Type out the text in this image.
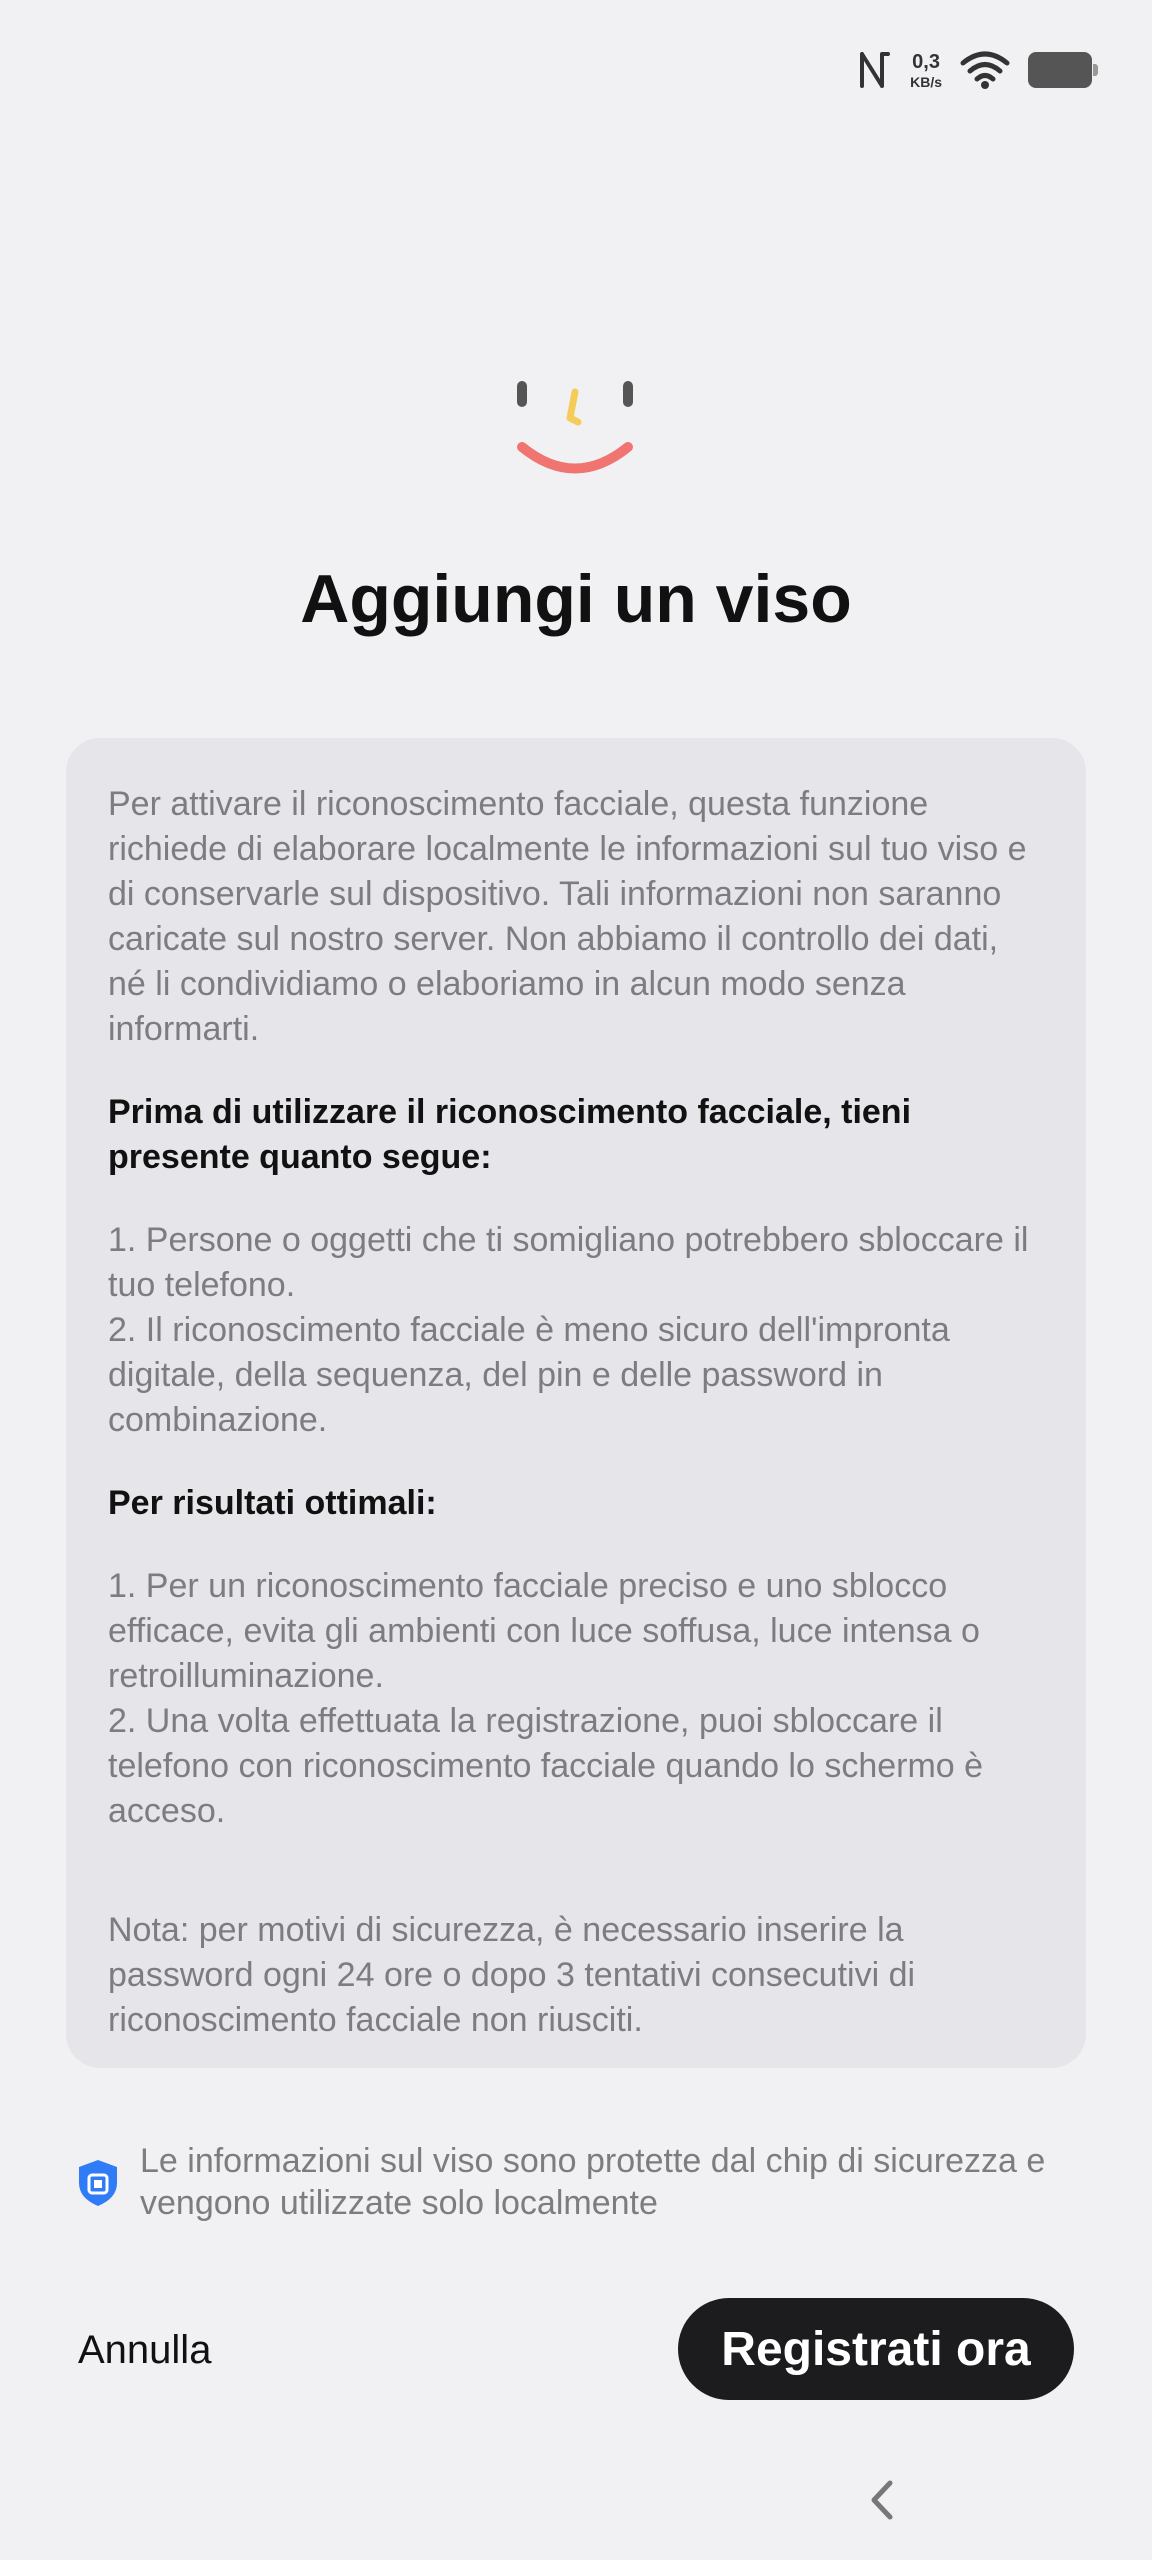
0,3
KB/s
Aggiungi un viso

Per attivare il riconoscimento facciale, questa funzione richiede di elaborare localmente le informazioni sul tuo viso e di conservarle sul dispositivo. Tali informazioni non saranno caricate sul nostro server. Non abbiamo il controllo dei dati, né li condividiamo o elaboriamo in alcun modo senza informarti.

Prima di utilizzare il riconoscimento facciale, tieni presente quanto segue:

1. Persone o oggetti che ti somigliano potrebbero sbloccare il tuo telefono.
2. Il riconoscimento facciale è meno sicuro dell'impronta digitale, della sequenza, del pin e delle password in combinazione.

Per risultati ottimali:

1. Per un riconoscimento facciale preciso e uno sblocco efficace, evita gli ambienti con luce soffusa, luce intensa o retroilluminazione.
2. Una volta effettuata la registrazione, puoi sbloccare il telefono con riconoscimento facciale quando lo schermo è acceso.

Nota: per motivi di sicurezza, è necessario inserire la password ogni 24 ore o dopo 3 tentativi consecutivi di riconoscimento facciale non riusciti.

Le informazioni sul viso sono protette dal chip di sicurezza e vengono utilizzate solo localmente
Annulla	Registrati ora
